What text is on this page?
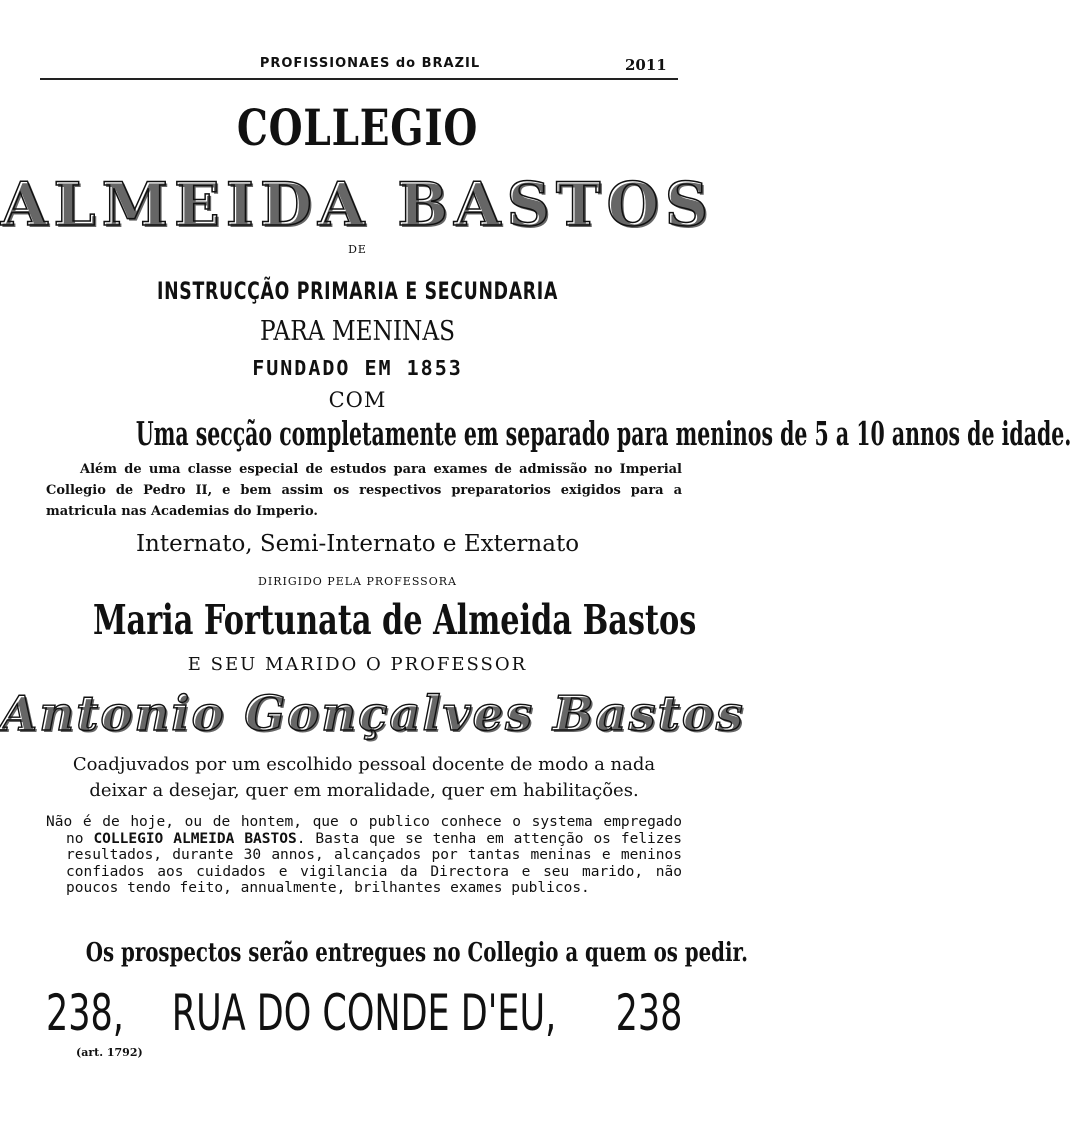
PROFISSIONAES do BRAZIL	2011
COLLEGIO
ALMEIDA BASTOS
DE
INSTRUCÇÃO PRIMARIA E SECUNDARIA
PARA MENINAS
FUNDADO EM 1853
COM
Uma secção completamente em separado para meninos de 5 a 10 annos de idade.
Além de uma classe especial de estudos para exames de admissão no Imperial Collegio de Pedro II, e bem assim os respectivos preparatorios exigidos para a matricula nas Academias do Imperio.
Internato, Semi-Internato e Externato
DIRIGIDO PELA PROFESSORA
Maria Fortunata de Almeida Bastos
E SEU MARIDO O PROFESSOR
Antonio Gonçalves Bastos
Coadjuvados por um escolhido pessoal docente de modo a nada deixar a desejar, quer em moralidade, quer em habilitações.
Não é de hoje, ou de hontem, que o publico conhece o systema empregado no COLLEGIO ALMEIDA BASTOS. Basta que se tenha em attenção os felizes resultados, durante 30 annos, alcançados por tantas meninas e meninos confiados aos cuidados e vigilancia da Directora e seu marido, não poucos tendo feito, annualmente, brilhantes exames publicos.
Os prospectos serão entregues no Collegio a quem os pedir.
238, RUA DO CONDE D'EU,	238
(art. 1792)
